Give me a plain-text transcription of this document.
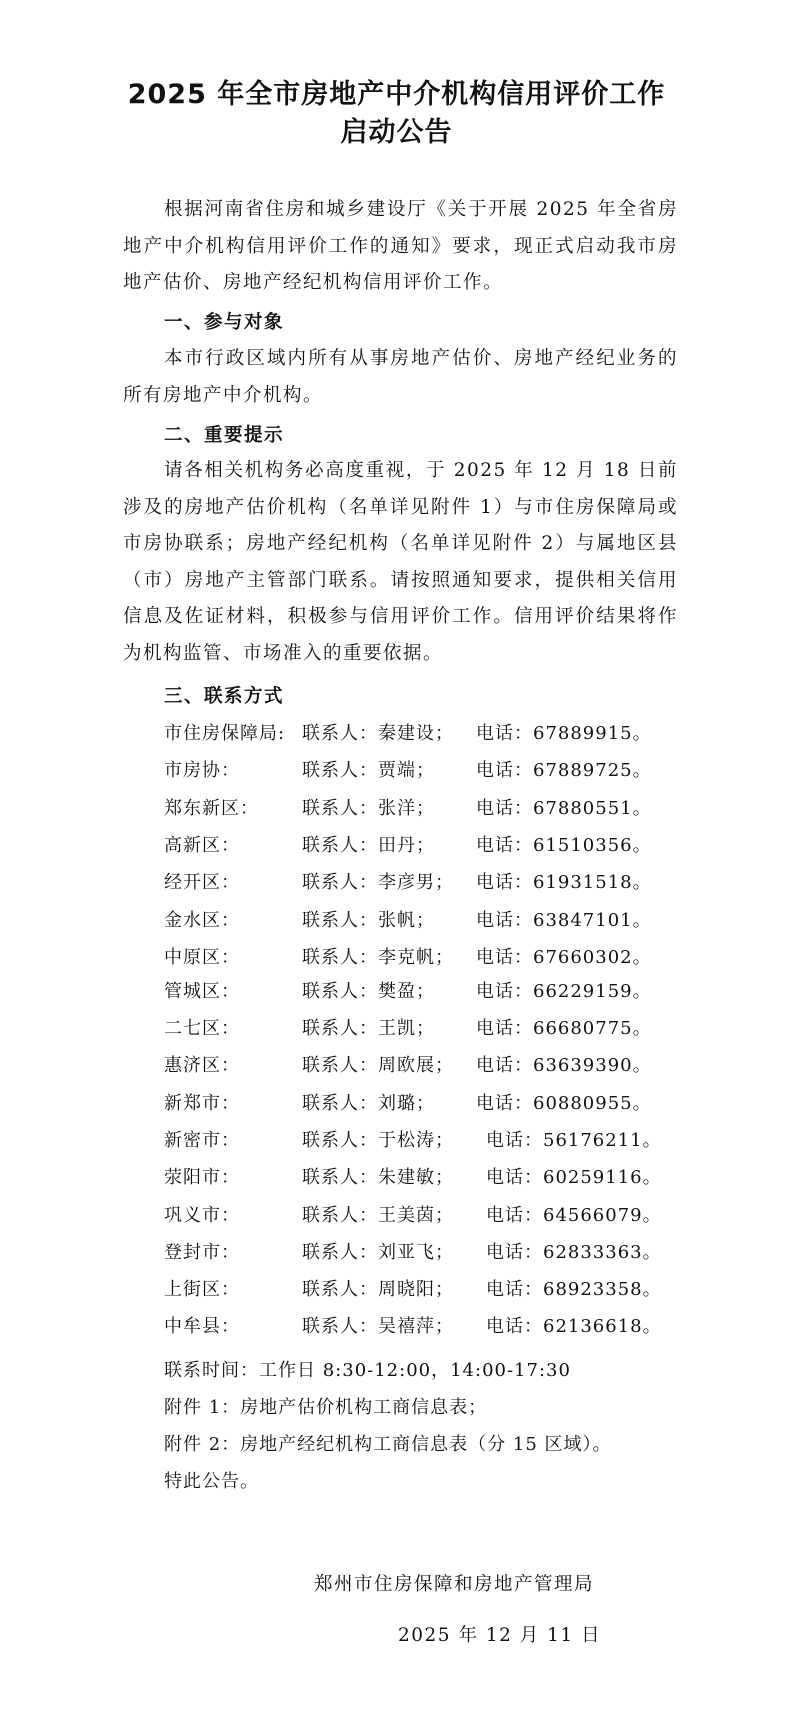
2025 年全市房地产中介机构信用评价工作
启动公告

根据河南省住房和城乡建设厅《关于开展 2025 年全省房地产中介机构信用评价工作的通知》要求，现正式启动我市房地产估价、房地产经纪机构信用评价工作。

一、参与对象

本市行政区域内所有从事房地产估价、房地产经纪业务的所有房地产中介机构。

二、重要提示

请各相关机构务必高度重视，于 2025 年 12 月 18 日前涉及的房地产估价机构（名单详见附件 1）与市住房保障局或市房协联系；房地产经纪机构（名单详见附件 2）与属地区县（市）房地产主管部门联系。请按照通知要求，提供相关信用信息及佐证材料，积极参与信用评价工作。信用评价结果将作为机构监管、市场准入的重要依据。

三、联系方式
市住房保障局: 联系人：秦建设； 电话：67889915。
市房协：	联系人：贾端； 电话：67889725。
郑东新区： 联系人：张洋； 电话：67880551。
高新区：	联系人：田丹； 电话：61510356。
经开区：	联系人：李彦男； 电话：61931518。
金水区：	联系人：张帆； 电话：63847101。
中原区：	联系人：李克帆； 电话：67660302。
管城区：	联系人：樊盈； 电话：66229159。
二七区：	联系人：王凯； 电话：66680775。
惠济区：	联系人：周欧展； 电话：63639390。
新郑市：	联系人：刘璐； 电话：60880955。
新密市：	联系人：于松涛； 电话：56176211。
荥阳市：	联系人：朱建敏； 电话：60259116。
巩义市：	联系人：王美茵； 电话：64566079。
登封市：	联系人：刘亚飞； 电话：62833363。
上街区：	联系人：周晓阳； 电话：68923358。
中牟县：	联系人：吴禧萍； 电话：62136618。
联系时间：工作日 8:30-12:00，14:00-17:30
附件 1：房地产估价机构工商信息表；
附件 2：房地产经纪机构工商信息表（分 15 区域）。
特此公告。
郑州市住房保障和房地产管理局
2025 年 12 月 11 日
